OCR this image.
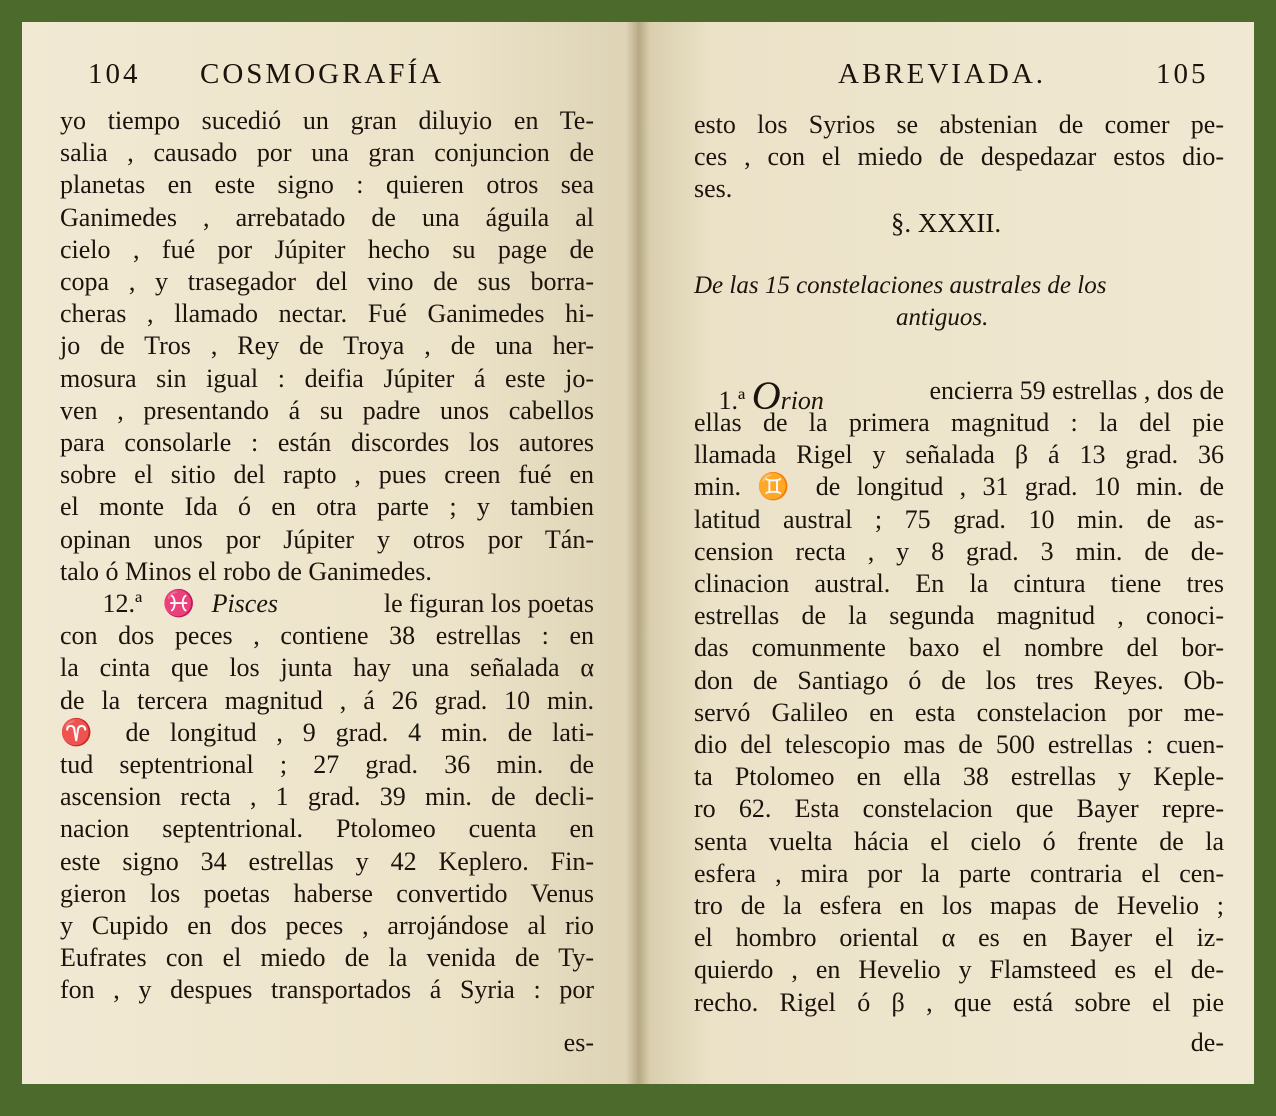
104 COSMOGRAFÍA
yo tiempo sucedió un gran diluyio en Te-
salia , causado por una gran conjuncion de
planetas en este signo : quieren otros sea
Ganimedes , arrebatado de una águila al
cielo , fué por Júpiter hecho su page de
copa , y trasegador del vino de sus borra-
cheras , llamado nectar. Fué Ganimedes hi-
jo de Tros , Rey de Troya , de una her-
mosura sin igual : deifia Júpiter á este jo-
ven , presentando á su padre unos cabellos
para consolarle : están discordes los autores
sobre el sitio del rapto , pues creen fué en
el monte Ida ó en otra parte ; y tambien
opinan unos por Júpiter y otros por Tán-
talo ó Minos el robo de Ganimedes.
12.ª ♓ Pisces	le figuran los poetas
con dos peces , contiene 38 estrellas : en
la cinta que los junta hay una señalada α
de la tercera magnitud , á 26 grad. 10 min.
♈ de longitud , 9 grad. 4 min. de lati-
tud septentrional ; 27 grad. 36 min. de
ascension recta , 1 grad. 39 min. de decli-
nacion septentrional. Ptolomeo cuenta en
este signo 34 estrellas y 42 Keplero. Fin-
gieron los poetas haberse convertido Venus
y Cupido en dos peces , arrojándose al rio
Eufrates con el miedo de la venida de Ty-
fon , y despues transportados á Syria : por
es-
ABREVIADA.	105
esto los Syrios se abstenian de comer pe-
ces , con el miedo de despedazar estos dio-
ses.
§. XXXII.
De las 15 constelaciones australes de los
antiguos.
1.ª Orion	encierra 59 estrellas , dos de
ellas de la primera magnitud : la del pie
llamada Rigel y señalada β á 13 grad. 36
min. ♊ de longitud , 31 grad. 10 min. de
latitud austral ; 75 grad. 10 min. de as-
cension recta , y 8 grad. 3 min. de de-
clinacion austral. En la cintura tiene tres
estrellas de la segunda magnitud , conoci-
das comunmente baxo el nombre del bor-
don de Santiago ó de los tres Reyes. Ob-
servó Galileo en esta constelacion por me-
dio del telescopio mas de 500 estrellas : cuen-
ta Ptolomeo en ella 38 estrellas y Keple-
ro 62. Esta constelacion que Bayer repre-
senta vuelta hácia el cielo ó frente de la
esfera , mira por la parte contraria el cen-
tro de la esfera en los mapas de Hevelio ;
el hombro oriental α es en Bayer el iz-
quierdo , en Hevelio y Flamsteed es el de-
recho. Rigel ó β , que está sobre el pie
de-
